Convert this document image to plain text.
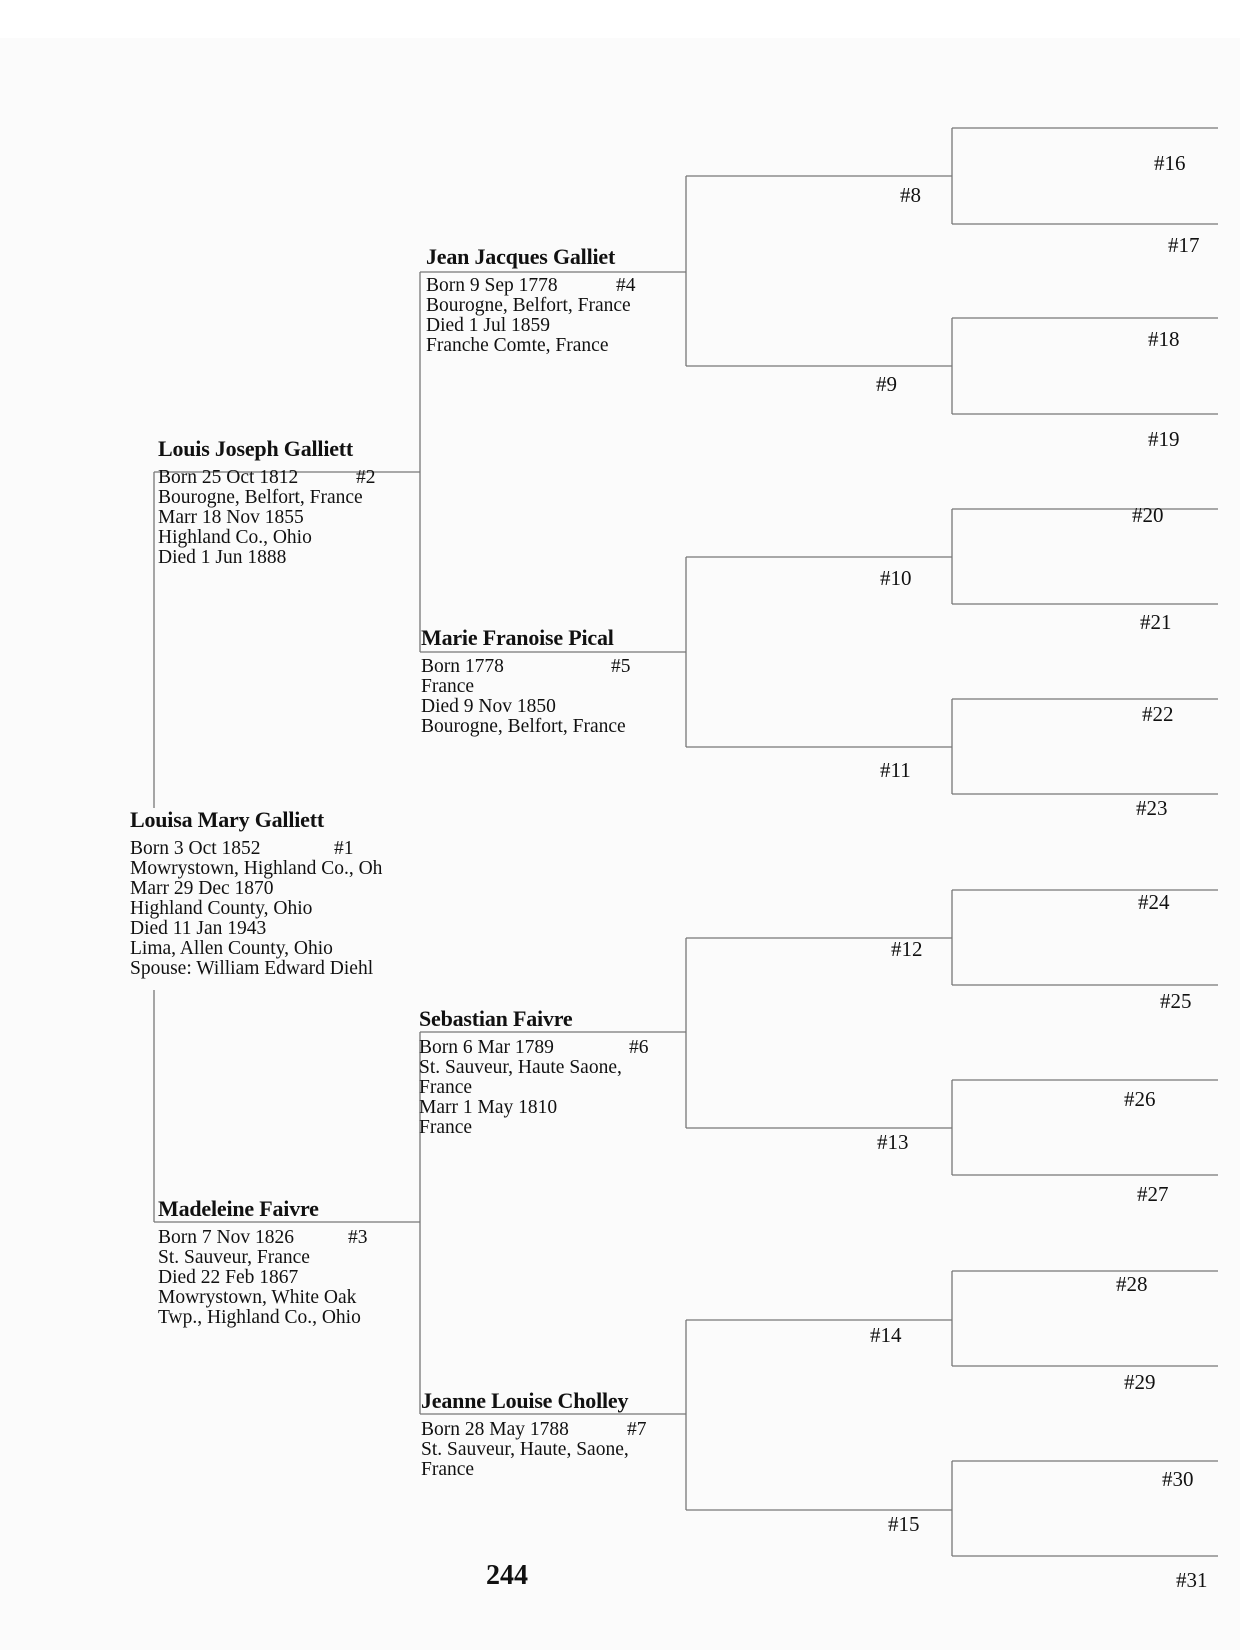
Louisa Mary Galliett
Born 3 Oct 1852	#1
Mowrystown, Highland Co., Oh
Marr 29 Dec 1870
Highland County, Ohio
Died 11 Jan 1943
Lima, Allen County, Ohio
Spouse: William Edward Diehl
Louis Joseph Galliett
Born 25 Oct 1812	#2
Bourogne, Belfort, France
Marr 18 Nov 1855
Highland Co., Ohio
Died 1 Jun 1888
Madeleine Faivre
Born 7 Nov 1826	#3
St. Sauveur, France
Died 22 Feb 1867
Mowrystown, White Oak
Twp., Highland Co., Ohio
Jean Jacques Galliet
Born 9 Sep 1778	#4
Bourogne, Belfort, France
Died 1 Jul 1859
Franche Comte, France
Marie Franoise Pical
Born 1778	#5
France
Died 9 Nov 1850
Bourogne, Belfort, France
Sebastian Faivre
Born 6 Mar 1789	#6
St. Sauveur, Haute Saone,
France
Marr 1 May 1810
France
Jeanne Louise Cholley
Born 28 May 1788	#7
St. Sauveur, Haute, Saone,
France
#8
#9
#10
#11
#12
#13
#14
#15
#16
#17
#18
#19
#20
#21
#22
#23
#24
#25
#26
#27
#28
#29
#30
#31
244
